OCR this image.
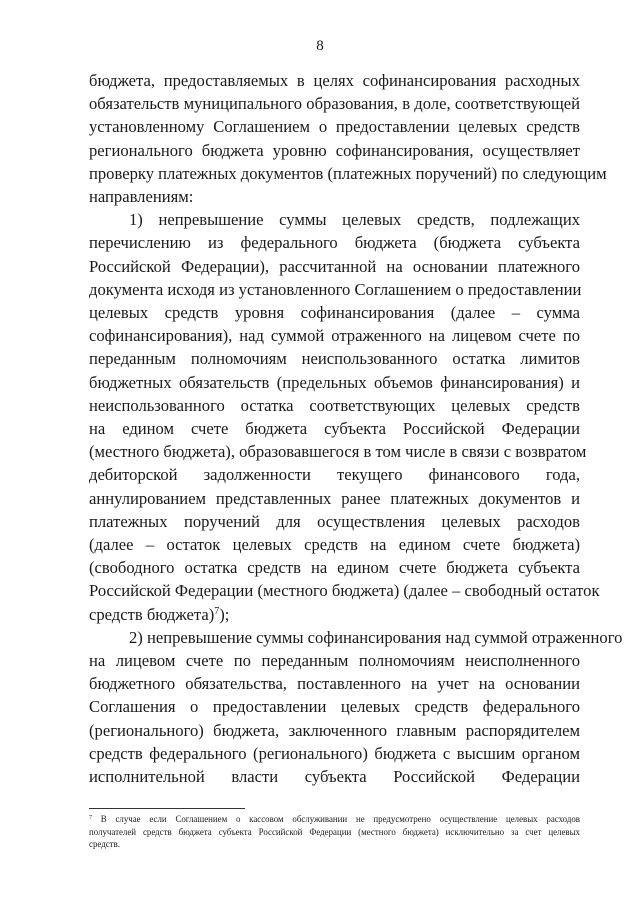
8
бюджета, предоставляемых в целях софинансирования расходных
обязательств муниципального образования, в доле, соответствующей
установленному Соглашением о предоставлении целевых средств
регионального бюджета уровню софинансирования, осуществляет
проверку платежных документов (платежных поручений) по следующим
направлениям:
1) непревышение суммы целевых средств, подлежащих
перечислению из федерального бюджета (бюджета субъекта
Российской Федерации), рассчитанной на основании платежного
документа исходя из установленного Соглашением о предоставлении
целевых средств уровня софинансирования (далее – сумма
софинансирования), над суммой отраженного на лицевом счете по
переданным полномочиям неиспользованного остатка лимитов
бюджетных обязательств (предельных объемов финансирования) и
неиспользованного остатка соответствующих целевых средств
на едином счете бюджета субъекта Российской Федерации
(местного бюджета), образовавшегося в том числе в связи с возвратом
дебиторской задолженности текущего финансового года,
аннулированием представленных ранее платежных документов и
платежных поручений для осуществления целевых расходов
(далее – остаток целевых средств на едином счете бюджета)
(свободного остатка средств на едином счете бюджета субъекта
Российской Федерации (местного бюджета) (далее – свободный остаток
средств бюджета)$^7$);
2) непревышение суммы софинансирования над суммой отраженного
на лицевом счете по переданным полномочиям неисполненного
бюджетного обязательства, поставленного на учет на основании
Соглашения о предоставлении целевых средств федерального
(регионального) бюджета, заключенного главным распорядителем
средств федерального (регионального) бюджета с высшим органом
исполнительной власти субъекта Российской Федерации
$^7$ В случае если Соглашением о кассовом обслуживании не предусмотрено осуществление целевых расходов
получателей средств бюджета субъекта Российской Федерации (местного бюджета) исключительно за счет целевых
средств.
